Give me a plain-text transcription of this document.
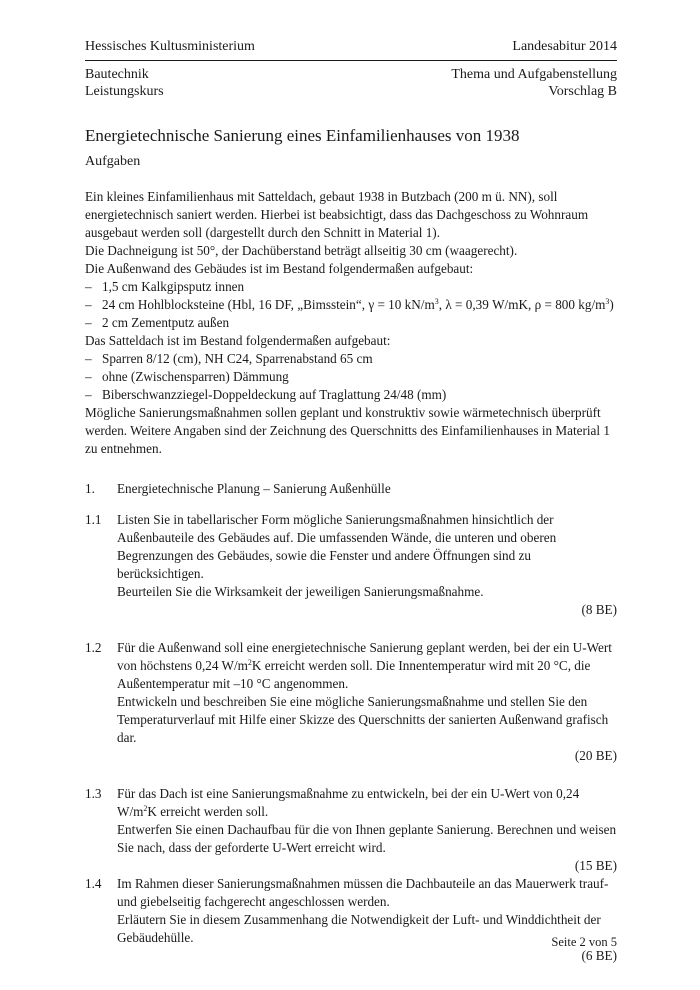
Hessisches Kultusministerium	Landesabitur 2014
Bautechnik
Leistungskurs
Thema und Aufgabenstellung
Vorschlag B
Energietechnische Sanierung eines Einfamilienhauses von 1938
Aufgaben

Ein kleines Einfamilienhaus mit Satteldach, gebaut 1938 in Butzbach (200 m ü. NN), soll energietechnisch saniert werden. Hierbei ist beabsichtigt, dass das Dachgeschoss zu Wohnraum ausgebaut werden soll (dargestellt durch den Schnitt in Material 1).

Die Dachneigung ist 50°, der Dachüberstand beträgt allseitig 30 cm (waagerecht).

Die Außenwand des Gebäudes ist im Bestand folgendermaßen aufgebaut:

– 1,5 cm Kalkgipsputz innen
– 24 cm Hohlblocksteine (Hbl, 16 DF, „Bimsstein“, γ = 10 $kN/m^3$, λ = 0,39 W/mK, ρ = 800 $kg/m^3$)
– 2 cm Zementputz außen

Das Satteldach ist im Bestand folgendermaßen aufgebaut:

– Sparren 8/12 (cm), NH C24, Sparrenabstand 65 cm
– ohne (Zwischensparren) Dämmung
– Biberschwanzziegel-Doppeldeckung auf Traglattung 24/48 (mm)

Mögliche Sanierungsmaßnahmen sollen geplant und konstruktiv sowie wärmetechnisch überprüft werden. Weitere Angaben sind der Zeichnung des Querschnitts des Einfamilienhauses in Material 1 zu entnehmen.

1.	Energietechnische Planung – Sanierung Außenhülle
1.1	Listen Sie in tabellarischer Form mögliche Sanierungsmaßnahmen hinsichtlich der Außenbauteile des Gebäudes auf. Die umfassenden Wände, die unteren und oberen Begrenzungen des Gebäudes, sowie die Fenster und andere Öffnungen sind zu berücksichtigen.

Beurteilen Sie die Wirksamkeit der jeweiligen Sanierungsmaßnahme.

(8 BE)
1.2	Für die Außenwand soll eine energietechnische Sanierung geplant werden, bei der ein U-Wert von höchstens 0,24 $W/m^2K$ erreicht werden soll. Die Innentemperatur wird mit 20 °C, die Außentemperatur mit –10 °C angenommen.

Entwickeln und beschreiben Sie eine mögliche Sanierungsmaßnahme und stellen Sie den Temperaturverlauf mit Hilfe einer Skizze des Querschnitts der sanierten Außenwand grafisch dar.

(20 BE)
1.3	Für das Dach ist eine Sanierungsmaßnahme zu entwickeln, bei der ein U-Wert von 0,24 $W/m^2K$ erreicht werden soll.

Entwerfen Sie einen Dachaufbau für die von Ihnen geplante Sanierung. Berechnen und weisen Sie nach, dass der geforderte U-Wert erreicht wird.

(15 BE)
1.4	Im Rahmen dieser Sanierungsmaßnahmen müssen die Dachbauteile an das Mauerwerk trauf- und giebelseitig fachgerecht angeschlossen werden.

Erläutern Sie in diesem Zusammenhang die Notwendigkeit der Luft- und Winddichtheit der Gebäudehülle.

(6 BE)
Seite 2 von 5
